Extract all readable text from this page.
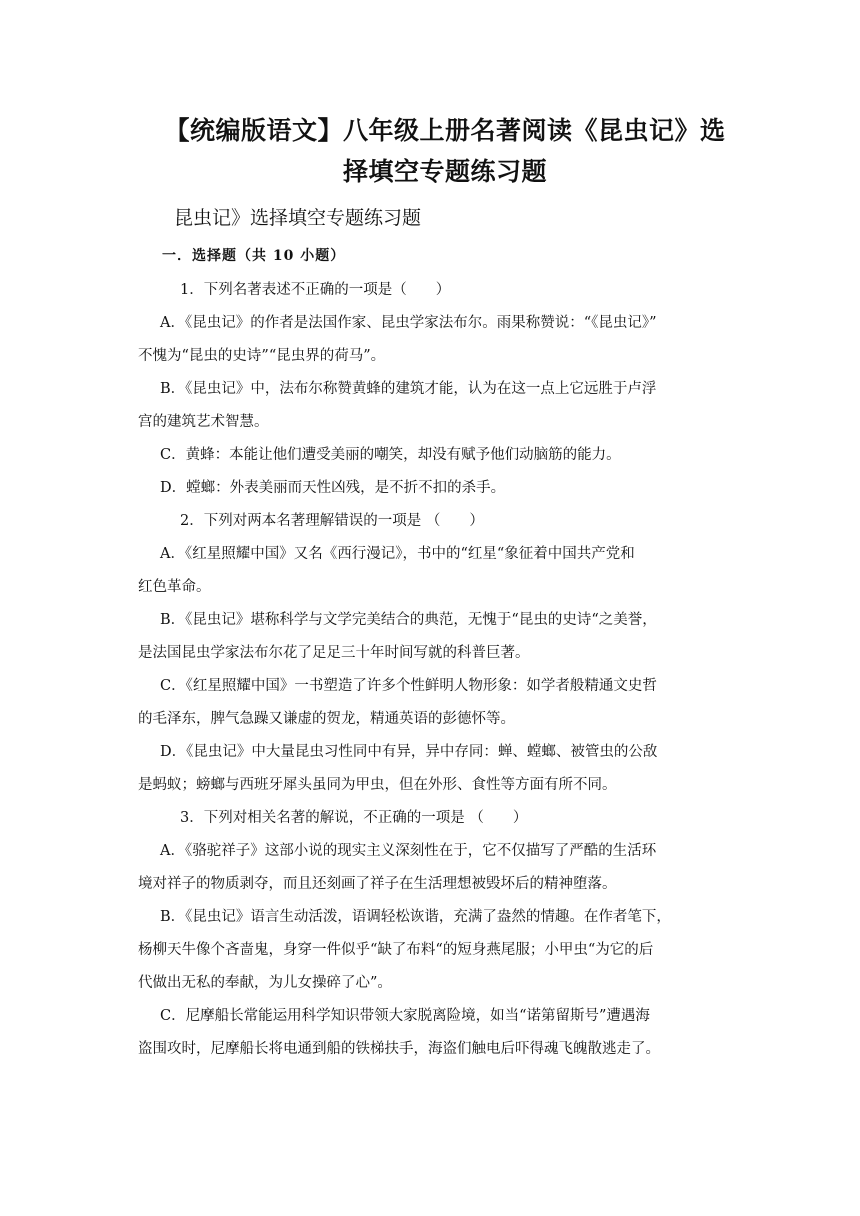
【统编版语文】八年级上册名著阅读《昆虫记》选
择填空专题练习题
昆虫记》选择填空专题练习题
一．选择题（共 10 小题）
1．下列名著表述不正确的一项是（　　）
A．《昆虫记》的作者是法国作家、昆虫学家法布尔。雨果称赞说：“《昆虫记》”
不愧为“昆虫的史诗”“昆虫界的荷马”。
B．《昆虫记》中，法布尔称赞黄蜂的建筑才能，认为在这一点上它远胜于卢浮
宫的建筑艺术智慧。
C．黄蜂：本能让他们遭受美丽的嘲笑，却没有赋予他们动脑筋的能力。
D．螳螂：外表美丽而天性凶残，是不折不扣的杀手。
2．下列对两本名著理解错误的一项是 （　　）
A．《红星照耀中国》又名《西行漫记》，书中的“红星“象征着中国共产党和
红色革命。
B．《昆虫记》堪称科学与文学完美结合的典范，无愧于“昆虫的史诗“之美誉，
是法国昆虫学家法布尔花了足足三十年时间写就的科普巨著。
C．《红星照耀中国》一书塑造了许多个性鲜明人物形象：如学者般精通文史哲
的毛泽东，脾气急躁又谦虚的贺龙，精通英语的彭德怀等。
D．《昆虫记》中大量昆虫习性同中有异，异中存同：蝉、螳螂、被管虫的公敌
是蚂蚁；螃螂与西班牙犀头虽同为甲虫，但在外形、食性等方面有所不同。
3．下列对相关名著的解说，不正确的一项是 （　　）
A．《骆驼祥子》这部小说的现实主义深刻性在于，它不仅描写了严酷的生活环
境对祥子的物质剥夺，而且还刻画了祥子在生活理想被毁坏后的精神堕落。
B．《昆虫记》语言生动活泼，语调轻松诙谐，充满了盎然的情趣。在作者笔下，
杨柳天牛像个吝啬鬼，身穿一件似乎“缺了布料“的短身燕尾服；小甲虫“为它的后
代做出无私的奉献，为儿女操碎了心”。
C．尼摩船长常能运用科学知识带领大家脱离险境，如当“诺第留斯号”遭遇海
盗围攻时，尼摩船长将电通到船的铁梯扶手，海盗们触电后吓得魂飞魄散逃走了。
